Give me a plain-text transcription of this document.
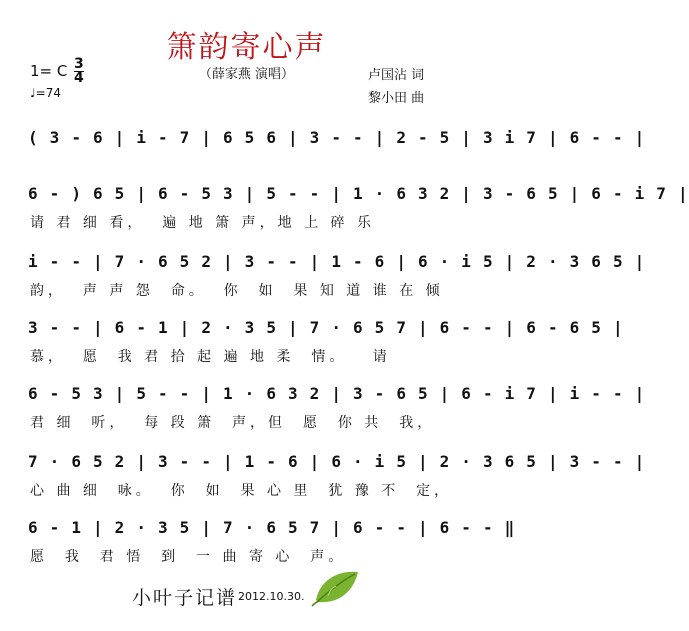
箫韵寄心声
（薛家燕 演唱）
1= C 3
4
♩=74
卢国沾 词
黎小田 曲
( 3 - 6 | i - 7 | 6 5 6 | 3 - - | 2 - 5 | 3 i 7 | 6 - - |
6 - ) 6 5 | 6 - 5 3 | 5 - - | 1 · 6 3 2 | 3 - 6 5 | 6 - i 7 |
请 君 细 看，  遍 地 箫 声，地 上 碎 乐
i - - | 7 · 6 5 2 | 3 - - | 1 - 6 | 6 · i 5 | 2 · 3 6 5 |
韵，  声 声 怨  命。  你  如  果 知 道 谁 在 倾
3 - - | 6 - 1 | 2 · 3 5 | 7 · 6 5 7 | 6 - - | 6 - 6 5 |
慕，  愿  我 君 拾 起 遍 地 柔  情。   请
6 - 5 3 | 5 - - | 1 · 6 3 2 | 3 - 6 5 | 6 - i 7 | i - - |
君 细  听，  每 段 箫  声，但  愿  你 共  我，
7 · 6 5 2 | 3 - - | 1 - 6 | 6 · i 5 | 2 · 3 6 5 | 3 - - |
心 曲 细  咏。  你  如  果 心 里  犹 豫 不  定，
6 - 1 | 2 · 3 5 | 7 · 6 5 7 | 6 - - | 6 - - ‖
愿  我  君 悟  到  一 曲 寄 心  声。
小叶子记谱 2012.10.30.
